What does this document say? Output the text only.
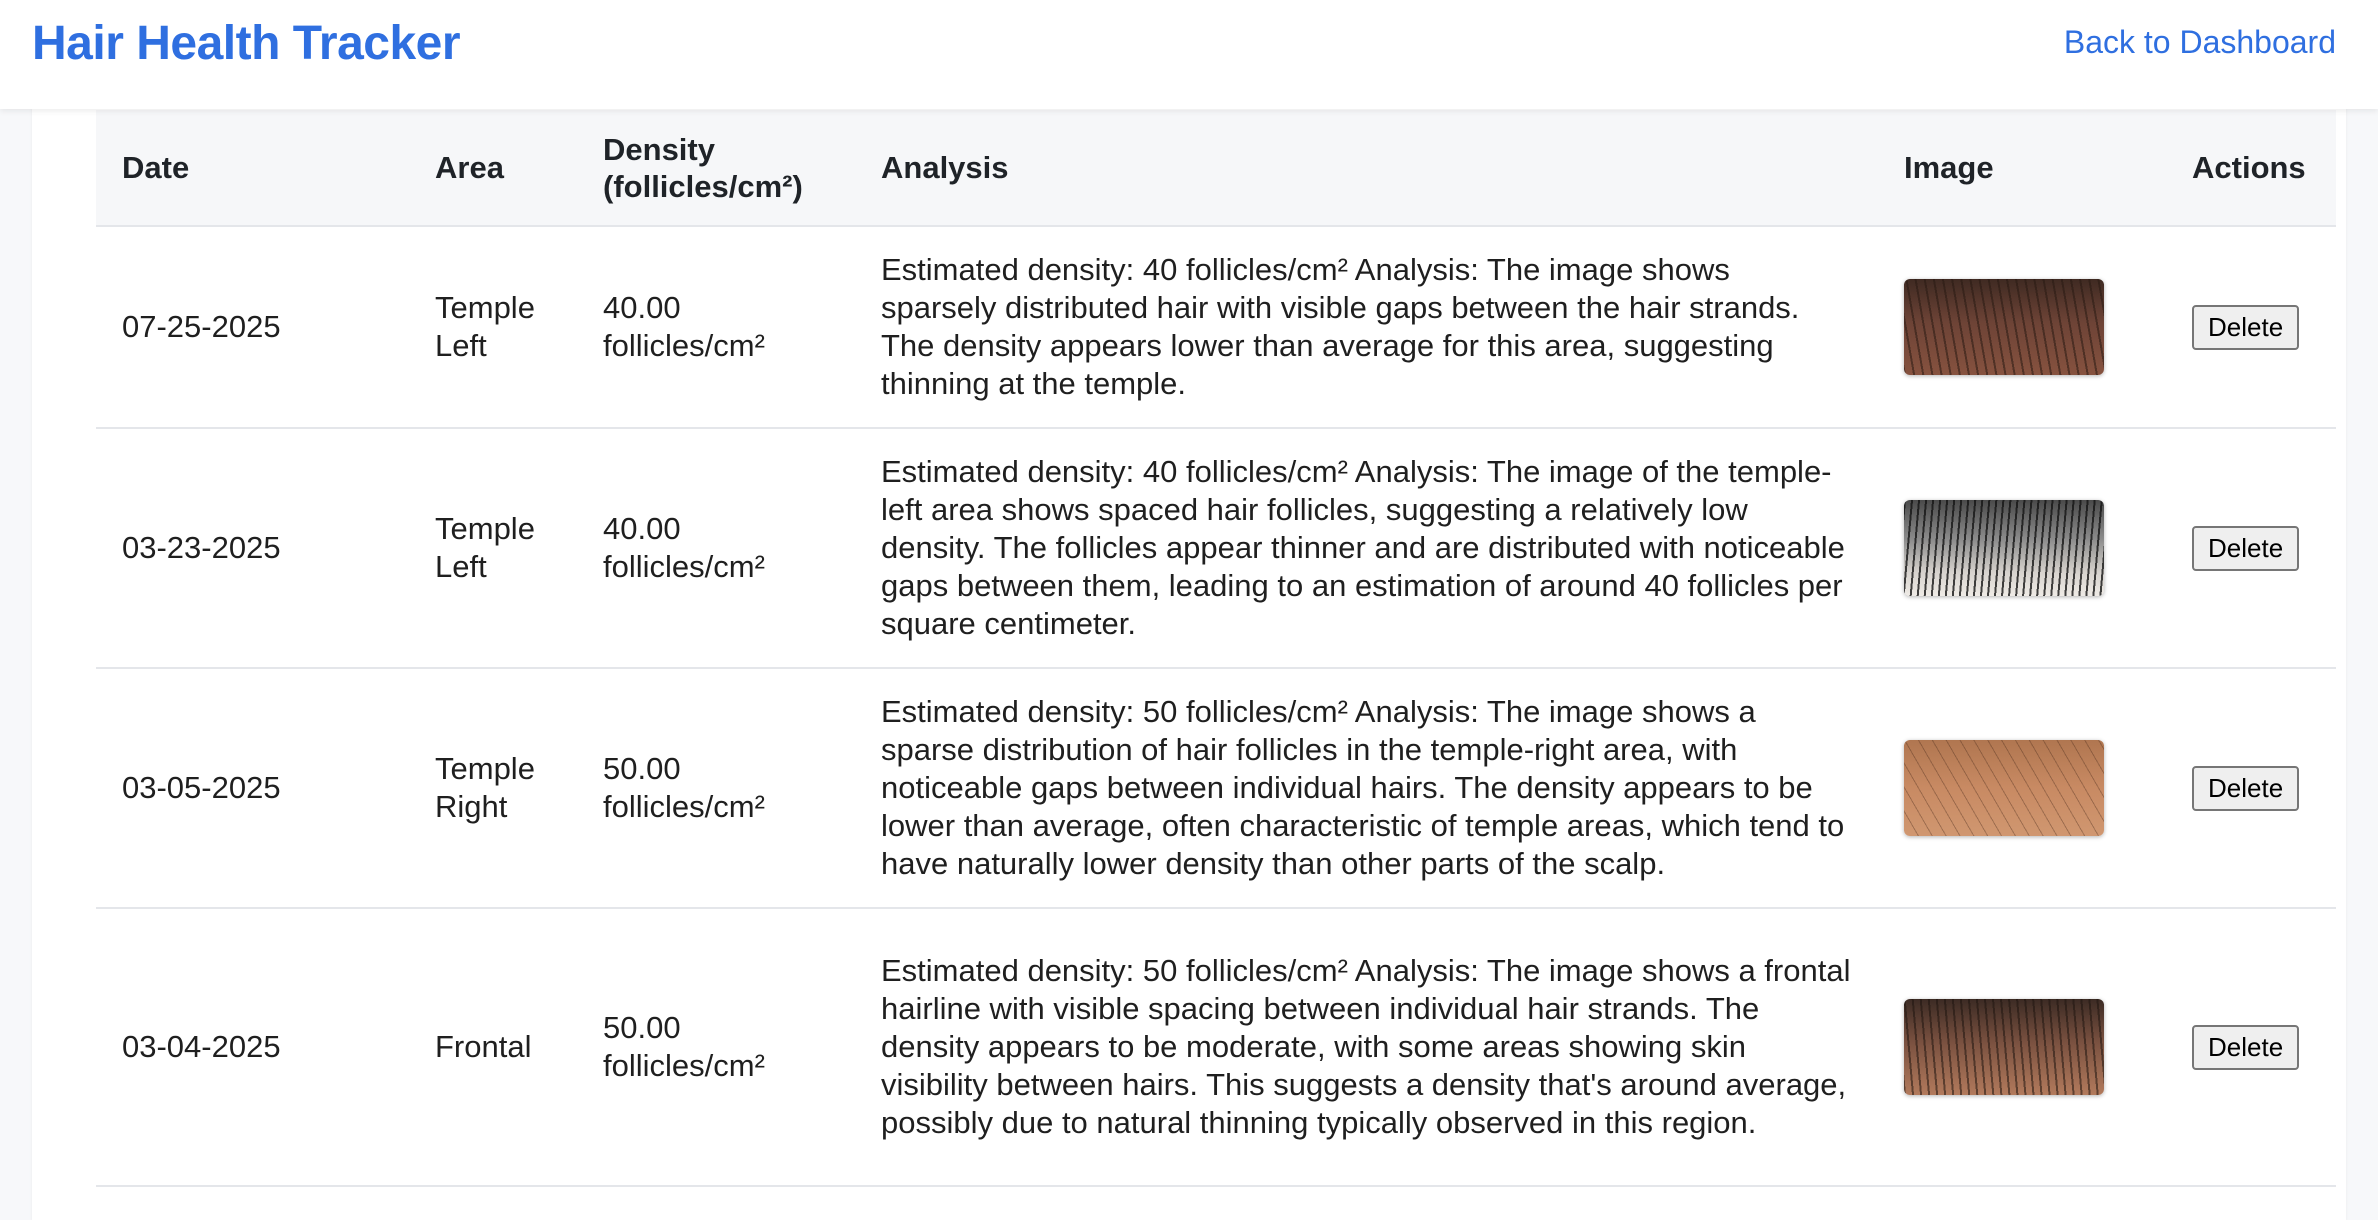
Date	Area	Density (follicles/cm²)	Analysis	Image	Actions
07-25-2025	Temple Left	40.00 follicles/cm²	Estimated density: 40 follicles/cm² Analysis: The image shows sparsely distributed hair with visible gaps between the hair strands. The density appears lower than average for this area, suggesting thinning at the temple.		Delete
03-23-2025	Temple Left	40.00 follicles/cm²	Estimated density: 40 follicles/cm² Analysis: The image of the temple-left area shows spaced hair follicles, suggesting a relatively low density. The follicles appear thinner and are distributed with noticeable gaps between them, leading to an estimation of around 40 follicles per square centimeter.		Delete
03-05-2025	Temple Right	50.00 follicles/cm²	Estimated density: 50 follicles/cm² Analysis: The image shows a sparse distribution of hair follicles in the temple-right area, with noticeable gaps between individual hairs. The density appears to be lower than average, often characteristic of temple areas, which tend to have naturally lower density than other parts of the scalp.		Delete
03-04-2025	Frontal	50.00 follicles/cm²	Estimated density: 50 follicles/cm² Analysis: The image shows a frontal hairline with visible spacing between individual hair strands. The density appears to be moderate, with some areas showing skin visibility between hairs. This suggests a density that's around average, possibly due to natural thinning typically observed in this region.		Delete
Hair Health Tracker	Back to Dashboard
